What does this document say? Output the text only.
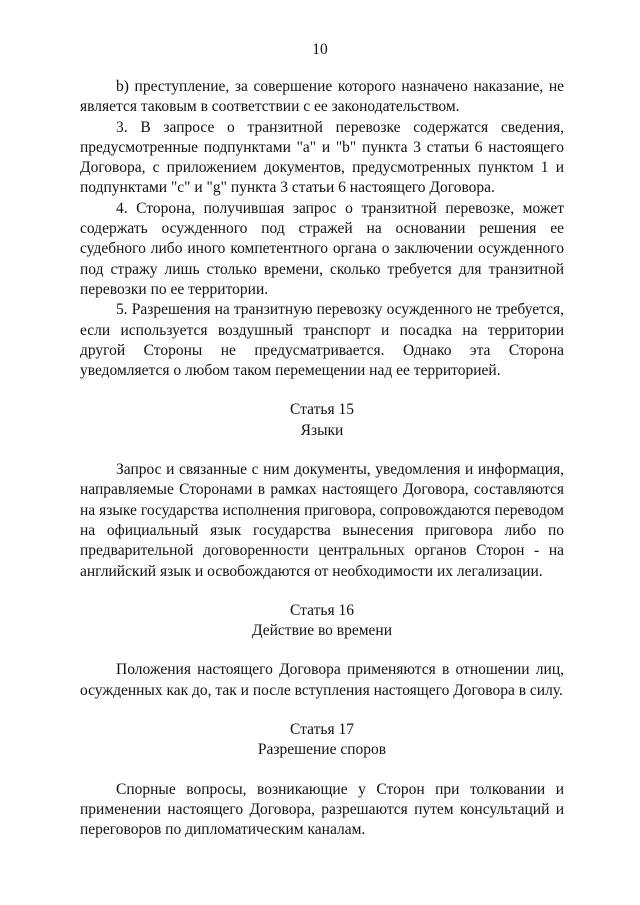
10

b) преступление, за совершение которого назначено наказание, не является таковым в соответствии с ее законодательством.

3. В запросе о транзитной перевозке содержатся сведения, предусмотренные подпунктами "a" и "b" пункта 3 статьи 6 настоящего Договора, с приложением документов, предусмотренных пунктом 1 и подпунктами "c" и "g" пункта 3 статьи 6 настоящего Договора.

4. Сторона, получившая запрос о транзитной перевозке, может содержать осужденного под стражей на основании решения ее судебного либо иного компетентного органа о заключении осужденного под стражу лишь столько времени, сколько требуется для транзитной перевозки по ее территории.

5. Разрешения на транзитную перевозку осужденного не требуется, если используется воздушный транспорт и посадка на территории другой Стороны не предусматривается. Однако эта Сторона уведомляется о любом таком перемещении над ее территорией.

Статья 15

Языки

Запрос и связанные с ним документы, уведомления и информация, направляемые Сторонами в рамках настоящего Договора, составляются на языке государства исполнения приговора, сопровождаются переводом на официальный язык государства вынесения приговора либо по предварительной договоренности центральных органов Сторон - на английский язык и освобождаются от необходимости их легализации.

Статья 16

Действие во времени

Положения настоящего Договора применяются в отношении лиц, осужденных как до, так и после вступления настоящего Договора в силу.

Статья 17

Разрешение споров

Спорные вопросы, возникающие у Сторон при толковании и применении настоящего Договора, разрешаются путем консультаций и переговоров по дипломатическим каналам.
